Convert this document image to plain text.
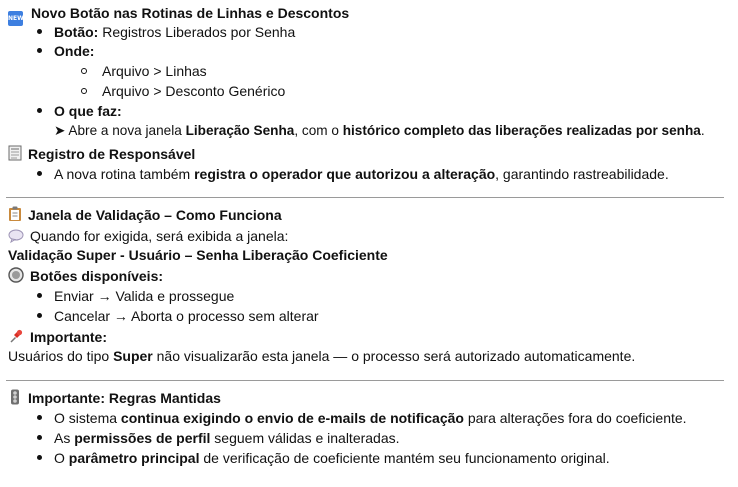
NEW Novo Botão nas Rotinas de Linhas e Descontos
Botão: Registros Liberados por Senha
Onde:
Arquivo > Linhas
Arquivo > Desconto Genérico
O que faz:
➤ Abre a nova janela Liberação Senha, com o histórico completo das liberações realizadas por senha.
Registro de Responsável
A nova rotina também registra o operador que autorizou a alteração, garantindo rastreabilidade.
Janela de Validação – Como Funciona
Quando for exigida, será exibida a janela:
Validação Super - Usuário – Senha Liberação Coeficiente
Botões disponíveis:
Enviar → Valida e prossegue
Cancelar → Aborta o processo sem alterar
Importante:
Usuários do tipo Super não visualizarão esta janela — o processo será autorizado automaticamente.
Importante: Regras Mantidas
O sistema continua exigindo o envio de e-mails de notificação para alterações fora do coeficiente.
As permissões de perfil seguem válidas e inalteradas.
O parâmetro principal de verificação de coeficiente mantém seu funcionamento original.
